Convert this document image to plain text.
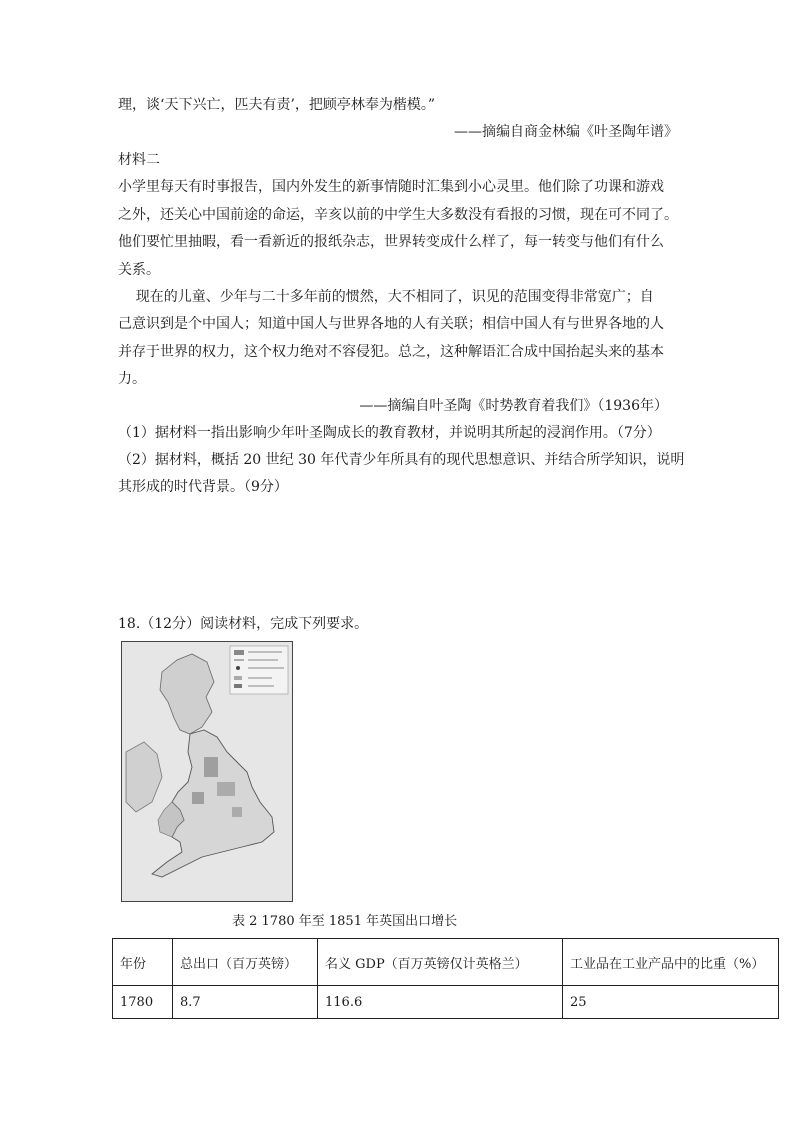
理，谈‘天下兴亡，匹夫有责’，把顾亭林奉为楷模。”
——摘编自商金林编《叶圣陶年谱》
材料二
小学里每天有时事报告，国内外发生的新事情随时汇集到小心灵里。他们除了功课和游戏
之外，还关心中国前途的命运，辛亥以前的中学生大多数没有看报的习惯，现在可不同了。
他们要忙里抽暇，看一看新近的报纸杂志，世界转变成什么样了，每一转变与他们有什么
关系。
现在的儿童、少年与二十多年前的惯然，大不相同了，识见的范围变得非常宽广；自
己意识到是个中国人；知道中国人与世界各地的人有关联；相信中国人有与世界各地的人
并存于世界的权力，这个权力绝对不容侵犯。总之，这种解语汇合成中国抬起头来的基本
力。
——摘编自叶圣陶《时势教育着我们》（1936年）
（1）据材料一指出影响少年叶圣陶成长的教育教材，并说明其所起的浸润作用。（7分）
（2）据材料，概括 20 世纪 30 年代青少年所具有的现代思想意识、并结合所学知识，说明
其形成的时代背景。（9分）
18.（12分）阅读材料，完成下列要求。
表 2 1780 年至 1851 年英国出口增长
年份	总出口（百万英镑）	名义 GDP（百万英镑仅计英格兰）	工业品在工业产品中的比重（%）
1780	8.7	116.6	25
